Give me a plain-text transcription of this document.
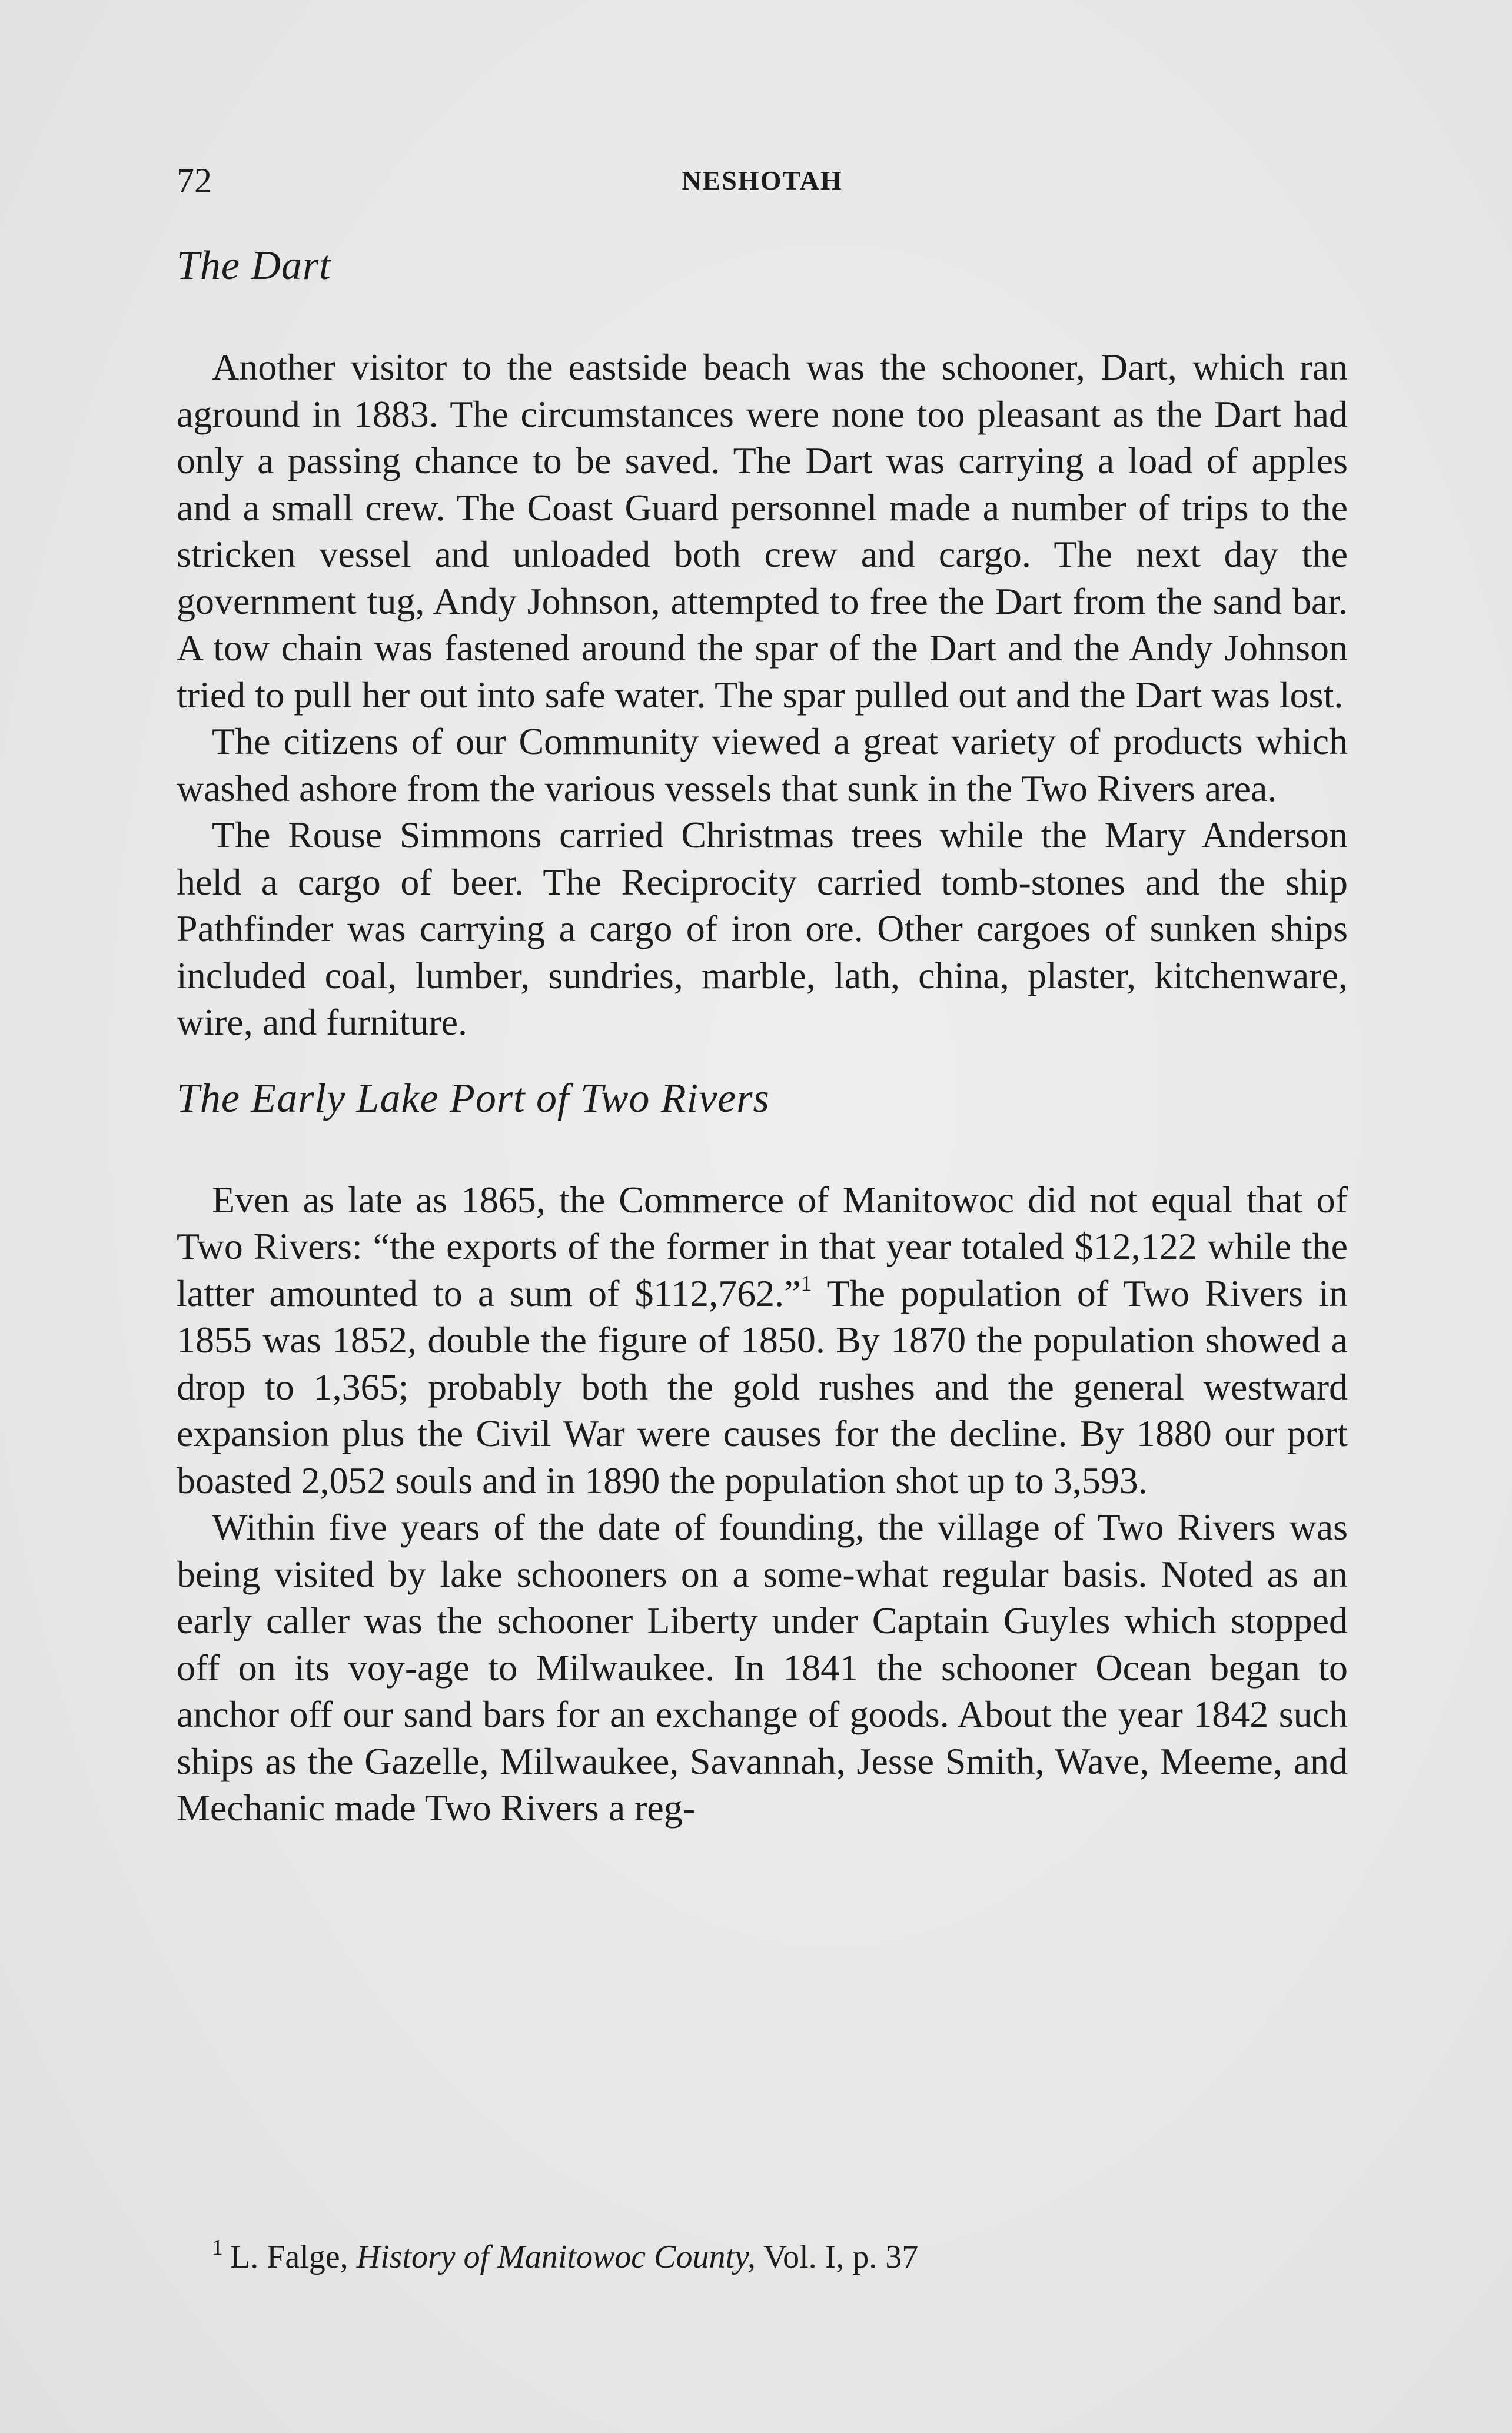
72	NESHOTAH
The Dart

Another visitor to the eastside beach was the schooner, Dart, which ran aground in 1883. The circumstances were none too pleasant as the Dart had only a passing chance to be saved. The Dart was carrying a load of apples and a small crew. The Coast Guard personnel made a number of trips to the stricken vessel and unloaded both crew and cargo. The next day the government tug, Andy Johnson, attempted to free the Dart from the sand bar. A tow chain was fastened around the spar of the Dart and the Andy Johnson tried to pull her out into safe water. The spar pulled out and the Dart was lost.

The citizens of our Community viewed a great variety of products which washed ashore from the various vessels that sunk in the Two Rivers area.

The Rouse Simmons carried Christmas trees while the Mary Anderson held a cargo of beer. The Reciprocity carried tomb-stones and the ship Pathfinder was carrying a cargo of iron ore. Other cargoes of sunken ships included coal, lumber, sundries, marble, lath, china, plaster, kitchenware, wire, and furniture.

The Early Lake Port of Two Rivers

Even as late as 1865, the Commerce of Manitowoc did not equal that of Two Rivers: “the exports of the former in that year totaled $12,122 while the latter amounted to a sum of $112,762.”$^1$ The population of Two Rivers in 1855 was 1852, double the figure of 1850. By 1870 the population showed a drop to 1,365; probably both the gold rushes and the general westward expansion plus the Civil War were causes for the decline. By 1880 our port boasted 2,052 souls and in 1890 the population shot up to 3,593.

Within five years of the date of founding, the village of Two Rivers was being visited by lake schooners on a some-what regular basis. Noted as an early caller was the schooner Liberty under Captain Guyles which stopped off on its voy-age to Milwaukee. In 1841 the schooner Ocean began to anchor off our sand bars for an exchange of goods. About the year 1842 such ships as the Gazelle, Milwaukee, Savannah, Jesse Smith, Wave, Meeme, and Mechanic made Two Rivers a reg-

$^1$ L. Falge, History of Manitowoc County, Vol. I, p. 37
